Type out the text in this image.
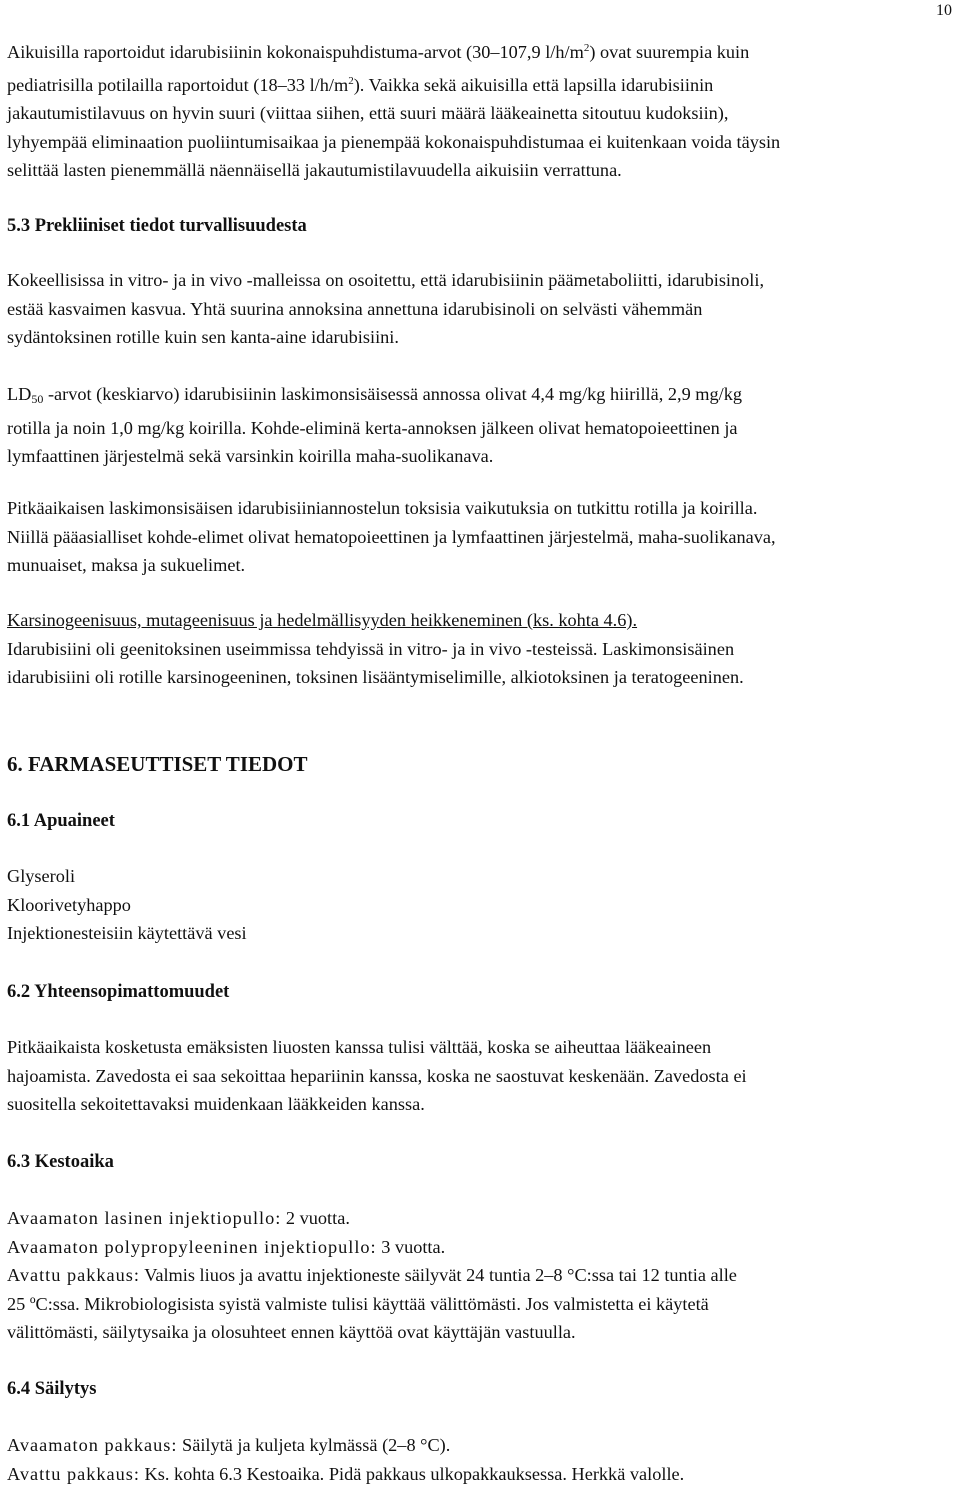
10
Aikuisilla raportoidut idarubisiinin kokonaispuhdistuma-arvot (30–107,9 $l/h/m^2$) ovat suurempia kuin
pediatrisilla potilailla raportoidut (18–33 $l/h/m^2$). Vaikka sekä aikuisilla että lapsilla idarubisiinin
jakautumistilavuus on hyvin suuri (viittaa siihen, että suuri määrä lääkeainetta sitoutuu kudoksiin),
lyhyempää eliminaation puoliintumisaikaa ja pienempää kokonaispuhdistumaa ei kuitenkaan voida täysin
selittää lasten pienemmällä näennäisellä jakautumistilavuudella aikuisiin verrattuna.
5.3 Prekliiniset tiedot turvallisuudesta
Kokeellisissa in vitro- ja in vivo -malleissa on osoitettu, että idarubisiinin päämetaboliitti, idarubisinoli,
estää kasvaimen kasvua. Yhtä suurina annoksina annettuna idarubisinoli on selvästi vähemmän
sydäntoksinen rotille kuin sen kanta-aine idarubisiini.
$LD_{50}$ -arvot (keskiarvo) idarubisiinin laskimonsisäisessä annossa olivat 4,4 mg/kg hiirillä, 2,9 mg/kg
rotilla ja noin 1,0 mg/kg koirilla. Kohde-eliminä kerta-annoksen jälkeen olivat hematopoieettinen ja
lymfaattinen järjestelmä sekä varsinkin koirilla maha-suolikanava.
Pitkäaikaisen laskimonsisäisen idarubisiiniannostelun toksisia vaikutuksia on tutkittu rotilla ja koirilla.
Niillä pääasialliset kohde-elimet olivat hematopoieettinen ja lymfaattinen järjestelmä, maha-suolikanava,
munuaiset, maksa ja sukuelimet.
Karsinogeenisuus, mutageenisuus ja hedelmällisyyden heikkeneminen (ks. kohta 4.6).
Idarubisiini oli geenitoksinen useimmissa tehdyissä in vitro- ja in vivo -testeissä. Laskimonsisäinen
idarubisiini oli rotille karsinogeeninen, toksinen lisääntymiselimille, alkiotoksinen ja teratogeeninen.
6. FARMASEUTTISET TIEDOT
6.1 Apuaineet
Glyseroli
Kloorivetyhappo
Injektionesteisiin käytettävä vesi
6.2 Yhteensopimattomuudet
Pitkäaikaista kosketusta emäksisten liuosten kanssa tulisi välttää, koska se aiheuttaa lääkeaineen
hajoamista. Zavedosta ei saa sekoittaa hepariinin kanssa, koska ne saostuvat keskenään. Zavedosta ei
suositella sekoitettavaksi muidenkaan lääkkeiden kanssa.
6.3 Kestoaika
Avaamaton lasinen injektiopullo: 2 vuotta.
Avaamaton polypropyleeninen injektiopullo: 3 vuotta.
Avattu pakkaus: Valmis liuos ja avattu injektioneste säilyvät 24 tuntia 2–8 °C:ssa tai 12 tuntia alle
25 ºC:ssa. Mikrobiologisista syistä valmiste tulisi käyttää välittömästi. Jos valmistetta ei käytetä
välittömästi, säilytysaika ja olosuhteet ennen käyttöä ovat käyttäjän vastuulla.
6.4 Säilytys
Avaamaton pakkaus: Säilytä ja kuljeta kylmässä (2–8 °C).
Avattu pakkaus: Ks. kohta 6.3 Kestoaika. Pidä pakkaus ulkopakkauksessa. Herkkä valolle.
